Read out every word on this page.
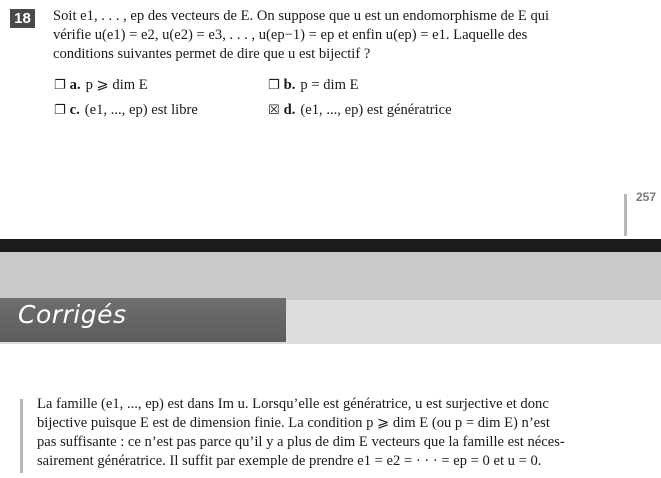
18 Soit e1, . . . , ep des vecteurs de E. On suppose que u est un endomorphisme de E qui
vérifie u(e1) = e2, u(e2) = e3, . . . , u(ep−1) = ep et enfin u(ep) = e1. Laquelle des
conditions suivantes permet de dire que u est bijectif ?
❐ a. p ⩾ dim E	❐ b. p = dim E
❐ c. (e1, ..., ep) est libre	☒ d. (e1, ..., ep) est génératrice
257
Corrigés
La famille (e1, ..., ep) est dans Im u. Lorsqu’elle est génératrice, u est surjective et donc
bijective puisque E est de dimension finie. La condition p ⩾ dim E (ou p = dim E) n’est
pas suffisante : ce n’est pas parce qu’il y a plus de dim E vecteurs que la famille est néces-
sairement génératrice. Il suffit par exemple de prendre e1 = e2 = · · · = ep = 0 et u = 0.
